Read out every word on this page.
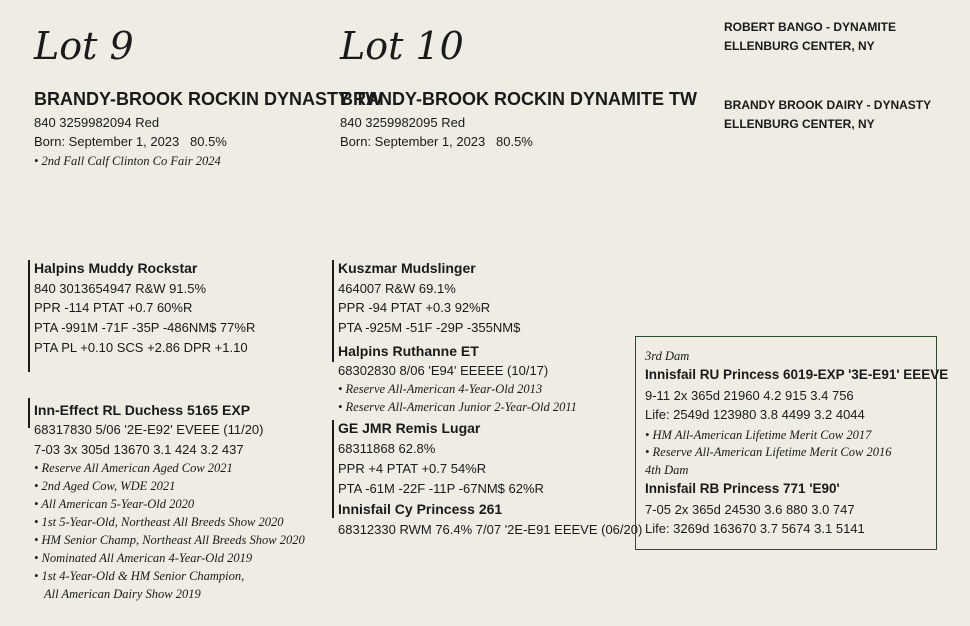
Lot 9
BRANDY-BROOK ROCKIN DYNASTY TW
840 3259982094 Red
Born: September 1, 2023 80.5%
• 2nd Fall Calf Clinton Co Fair 2024
Lot 10
BRANDY-BROOK ROCKIN DYNAMITE TW
840 3259982095 Red
Born: September 1, 2023 80.5%
ROBERT BANGO - DYNAMITE
ELLENBURG CENTER, NY
BRANDY BROOK DAIRY - DYNASTY
ELLENBURG CENTER, NY
Halpins Muddy Rockstar
840 3013654947 R&W 91.5%
PPR -114 PTAT +0.7 60%R
PTA -991M -71F -35P -486NM$ 77%R
PTA PL +0.10 SCS +2.86 DPR +1.10
Inn-Effect RL Duchess 5165 EXP
68317830 5/06 '2E-E92' EVEEE (11/20)
7-03 3x 305d 13670 3.1 424 3.2 437
• Reserve All American Aged Cow 2021
• 2nd Aged Cow, WDE 2021
• All American 5-Year-Old 2020
• 1st 5-Year-Old, Northeast All Breeds Show 2020
• HM Senior Champ, Northeast All Breeds Show 2020
• Nominated All American 4-Year-Old 2019
• 1st 4-Year-Old & HM Senior Champion,
All American Dairy Show 2019
Kuszmar Mudslinger
464007 R&W 69.1%
PPR -94 PTAT +0.3 92%R
PTA -925M -51F -29P -355NM$
Halpins Ruthanne ET
68302830 8/06 'E94' EEEEE (10/17)
• Reserve All-American 4-Year-Old 2013
• Reserve All-American Junior 2-Year-Old 2011
GE JMR Remis Lugar
68311868 62.8%
PPR +4 PTAT +0.7 54%R
PTA -61M -22F -11P -67NM$ 62%R
Innisfail Cy Princess 261
68312330 RWM 76.4% 7/07 '2E-E91 EEEVE (06/20)
3rd Dam
Innisfail RU Princess 6019-EXP '3E-E91' EEEVE
9-11 2x 365d 21960 4.2 915 3.4 756
Life: 2549d 123980 3.8 4499 3.2 4044
• HM All-American Lifetime Merit Cow 2017
• Reserve All-American Lifetime Merit Cow 2016
4th Dam
Innisfail RB Princess 771 'E90'
7-05 2x 365d 24530 3.6 880 3.0 747
Life: 3269d 163670 3.7 5674 3.1 5141
